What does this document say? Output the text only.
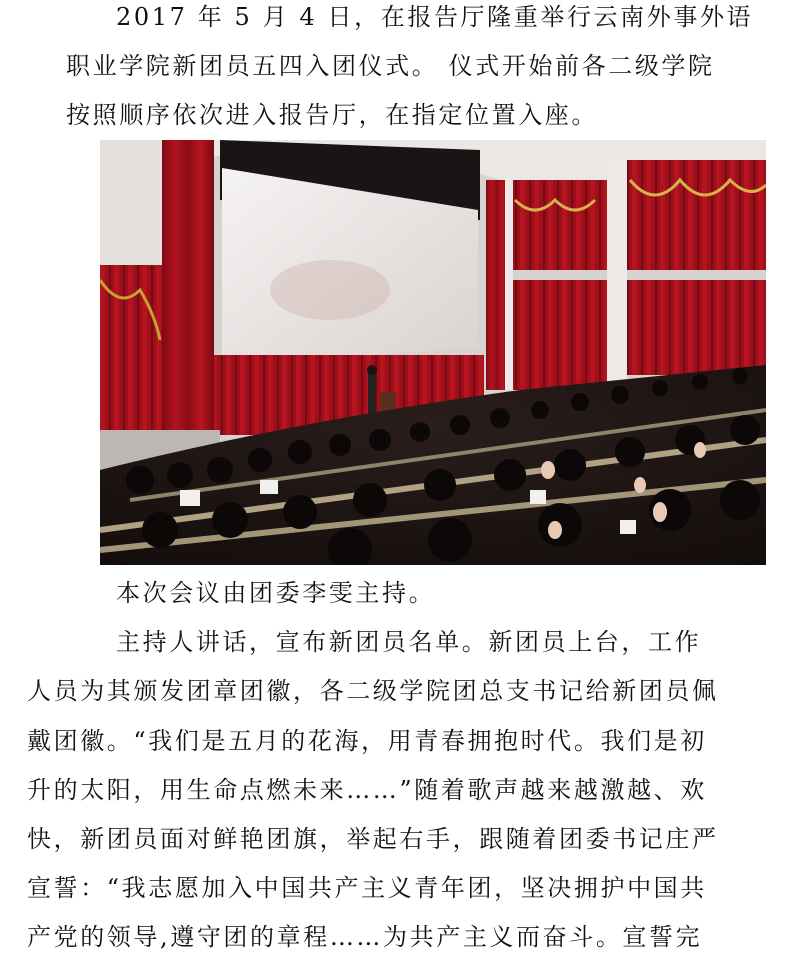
2017 年 5 月 4 日，在报告厅隆重举行云南外事外语
职业学院新团员五四入团仪式。 仪式开始前各二级学院
按照顺序依次进入报告厅，在指定位置入座。
本次会议由团委李雯主持。
主持人讲话，宣布新团员名单。新团员上台，工作
人员为其颁发团章团徽，各二级学院团总支书记给新团员佩
戴团徽。“我们是五月的花海，用青春拥抱时代。我们是初
升的太阳，用生命点燃未来……”随着歌声越来越激越、欢
快，新团员面对鲜艳团旗，举起右手，跟随着团委书记庄严
宣誓：“我志愿加入中国共产主义青年团，坚决拥护中国共
产党的领导,遵守团的章程……为共产主义而奋斗。宣誓完
